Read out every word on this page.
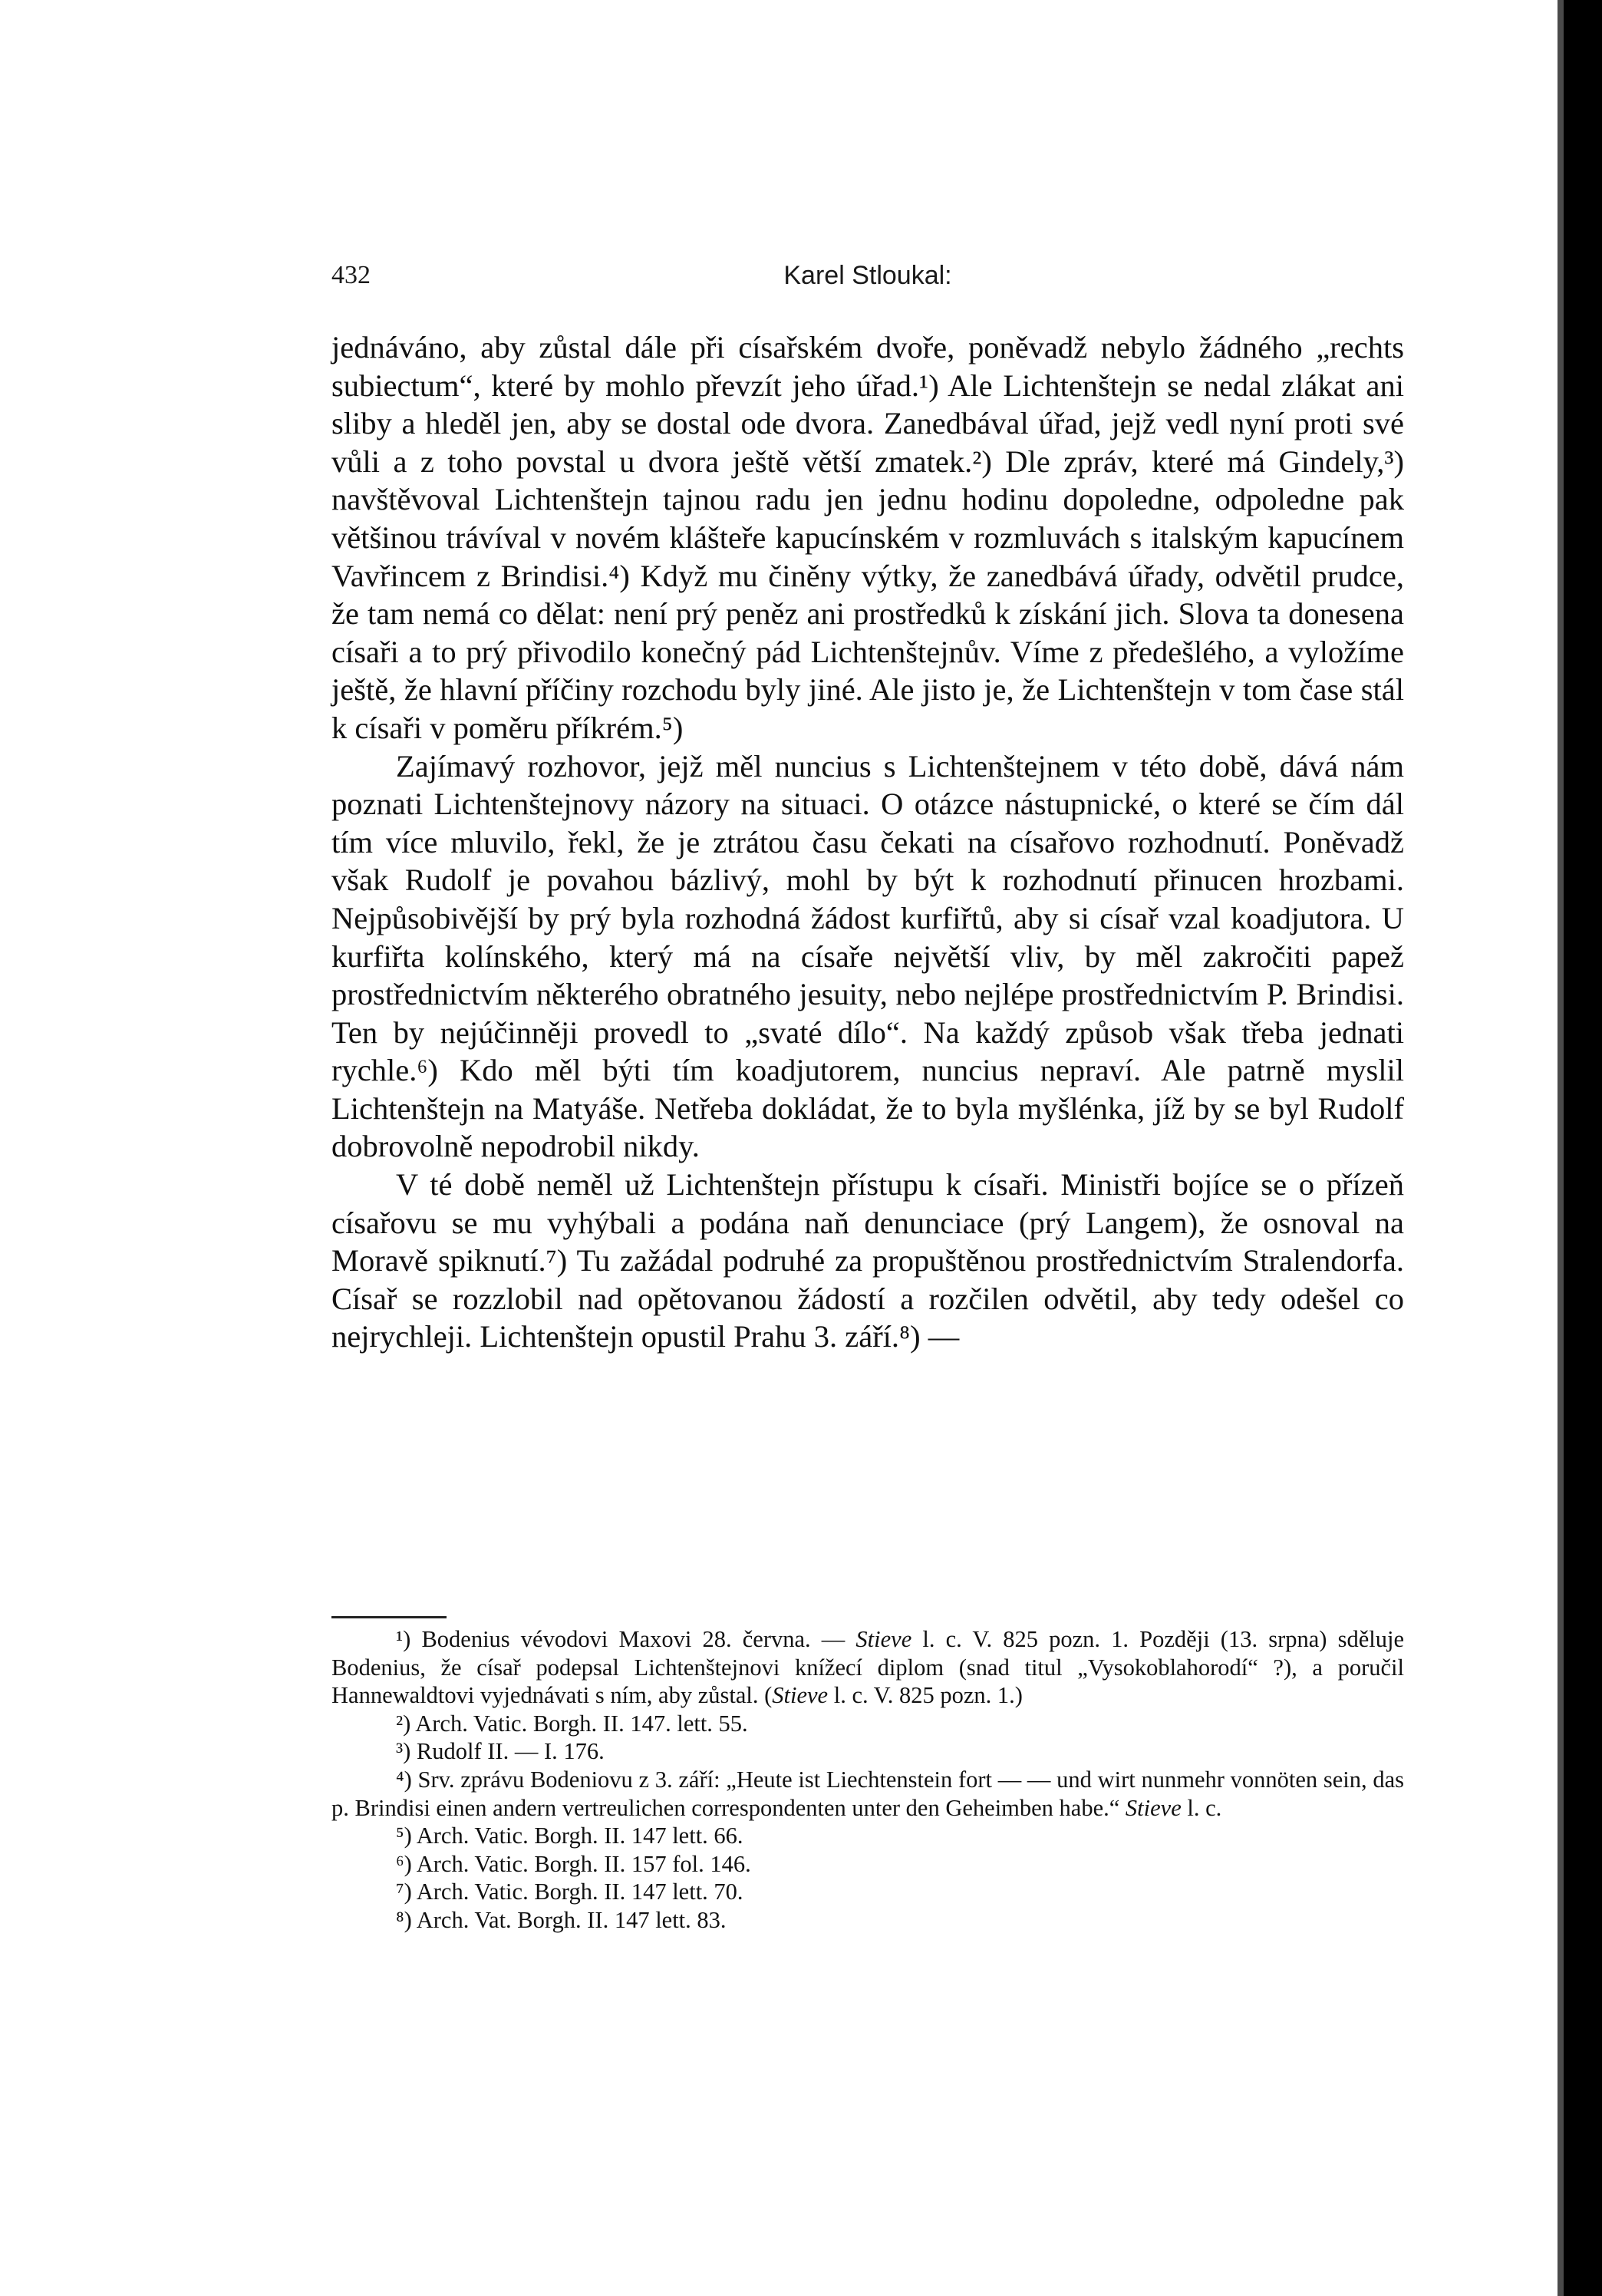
432	Karel Stloukal:

jednáváno, aby zůstal dále při císařském dvoře, poněvadž nebylo žádného „rechts subiectum“, které by mohlo převzít jeho úřad.¹) Ale Lichtenštejn se nedal zlákat ani sliby a hleděl jen, aby se dostal ode dvora. Zanedbával úřad, jejž vedl nyní proti své vůli a z toho povstal u dvora ještě větší zmatek.²) Dle zpráv, které má Gindely,³) navštěvoval Lichtenštejn tajnou radu jen jednu hodinu dopoledne, odpoledne pak většinou trávíval v novém klášteře kapucínském v rozmluvách s italským kapucínem Vavřincem z Brindisi.⁴) Když mu činěny výtky, že zanedbává úřady, odvětil prudce, že tam nemá co dělat: není prý peněz ani prostředků k získání jich. Slova ta donesena císaři a to prý přivodilo konečný pád Lichtenštejnův. Víme z předešlého, a vyložíme ještě, že hlavní příčiny rozchodu byly jiné. Ale jisto je, že Lichtenštejn v tom čase stál k císaři v poměru příkrém.⁵)

Zajímavý rozhovor, jejž měl nuncius s Lichtenštejnem v této době, dává nám poznati Lichtenštejnovy názory na situaci. O otázce nástupnické, o které se čím dál tím více mluvilo, řekl, že je ztrátou času čekati na císařovo rozhodnutí. Poněvadž však Rudolf je povahou bázlivý, mohl by být k rozhodnutí přinucen hrozbami. Nejpůsobivější by prý byla rozhodná žádost kurfiřtů, aby si císař vzal koadjutora. U kurfiřta kolínského, který má na císaře největší vliv, by měl zakročiti papež prostřednictvím některého obratného jesuity, nebo nejlépe prostřednictvím P. Brindisi. Ten by nejúčinněji provedl to „svaté dílo“. Na každý způsob však třeba jednati rychle.⁶) Kdo měl býti tím koadjutorem, nuncius nepraví. Ale patrně myslil Lichtenštejn na Matyáše. Netřeba dokládat, že to byla myšlénka, jíž by se byl Rudolf dobrovolně nepodrobil nikdy.

V té době neměl už Lichtenštejn přístupu k císaři. Ministři bojíce se o přízeň císařovu se mu vyhýbali a podána naň denunciace (prý Langem), že osnoval na Moravě spiknutí.⁷) Tu zažádal podruhé za propuštěnou prostřednictvím Stralendorfa. Císař se rozzlobil nad opětovanou žádostí a rozčilen odvětil, aby tedy odešel co nejrychleji. Lichtenštejn opustil Prahu 3. září.⁸) —

¹) Bodenius vévodovi Maxovi 28. června. — Stieve l. c. V. 825 pozn. 1. Později (13. srpna) sděluje Bodenius, že císař podepsal Lichtenštejnovi knížecí diplom (snad titul „Vysokoblahorodí“ ?), a poručil Hannewaldtovi vyjednávati s ním, aby zůstal. (Stieve l. c. V. 825 pozn. 1.)

²) Arch. Vatic. Borgh. II. 147. lett. 55.

³) Rudolf II. — I. 176.

⁴) Srv. zprávu Bodeniovu z 3. září: „Heute ist Liechtenstein fort — — und wirt nunmehr vonnöten sein, das p. Brindisi einen andern vertreulichen correspondenten unter den Geheimben habe.“ Stieve l. c.

⁵) Arch. Vatic. Borgh. II. 147 lett. 66.

⁶) Arch. Vatic. Borgh. II. 157 fol. 146.

⁷) Arch. Vatic. Borgh. II. 147 lett. 70.

⁸) Arch. Vat. Borgh. II. 147 lett. 83.
